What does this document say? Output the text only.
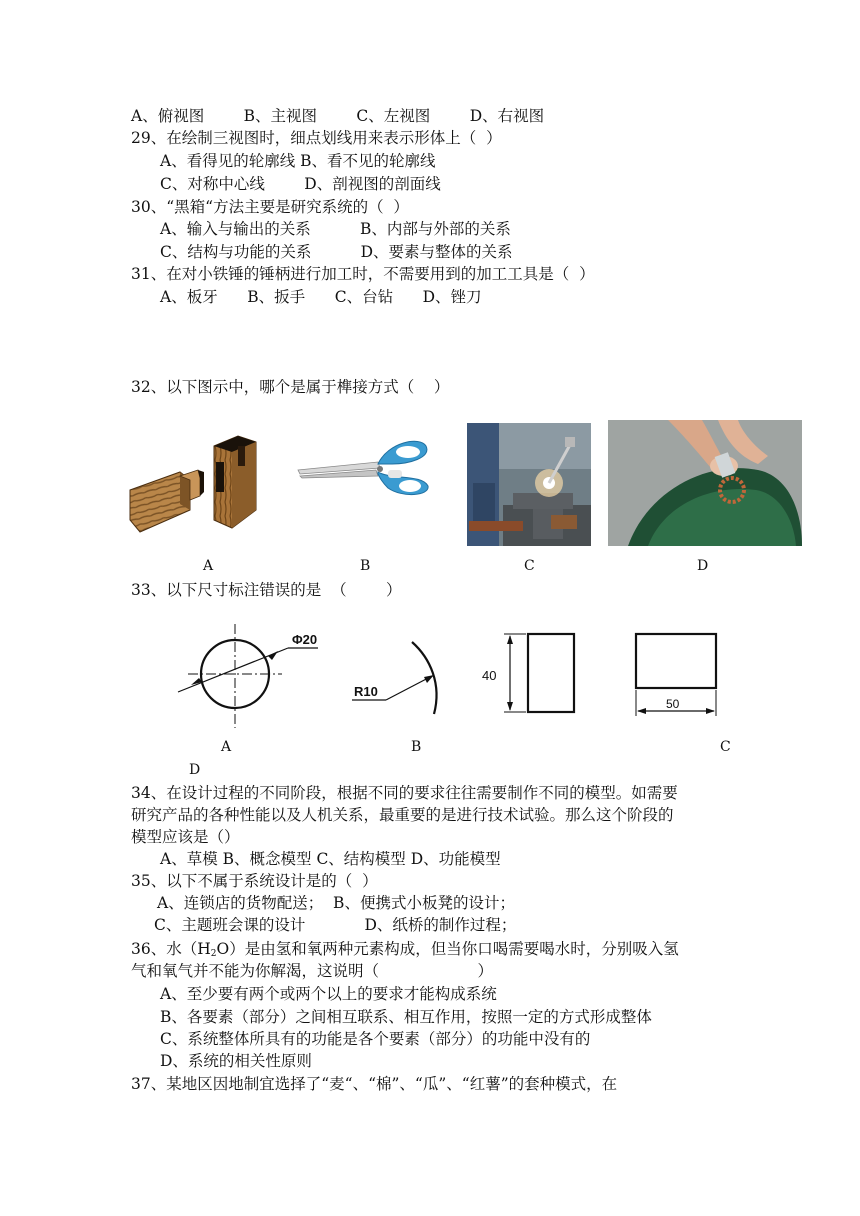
A、俯视图        B、主视图        C、左视图        D、右视图
29、在绘制三视图时，细点划线用来表示形体上（  ）
A、看得见的轮廓线 B、看不见的轮廓线
C、对称中心线        D、剖视图的剖面线
30、“黑箱“方法主要是研究系统的（  ）
A、输入与输出的关系          B、内部与外部的关系
C、结构与功能的关系          D、要素与整体的关系
31、在对小铁锤的锤柄进行加工时，不需要用到的加工工具是（  ）
A、板牙      B、扳手      C、台钻      D、锉刀
32、以下图示中，哪个是属于榫接方式（    ）
A	B	C	D
33、以下尺寸标注错误的是  （        ）
Φ20
R10
40
50
A	B	C
D
34、在设计过程的不同阶段，根据不同的要求往往需要制作不同的模型。如需要
研究产品的各种性能以及人机关系，最重要的是进行技术试验。那么这个阶段的
模型应该是（）
A、草模 B、概念模型 C、结构模型 D、功能模型
35、以下不属于系统设计是的（  ）
A、连锁店的货物配送；  B、便携式小板凳的设计；
C、主题班会课的设计            D、纸桥的制作过程；
36、水$(H_2O)$是由氢和氧两种元素构成，但当你口喝需要喝水时，分别吸入氢
气和氧气并不能为你解渴，这说明（                    ）
A、至少要有两个或两个以上的要求才能构成系统
B、各要素（部分）之间相互联系、相互作用，按照一定的方式形成整体
C、系统整体所具有的功能是各个要素（部分）的功能中没有的
D、系统的相关性原则
37、某地区因地制宜选择了“麦“、“棉”、“瓜”、“红薯”的套种模式，在
